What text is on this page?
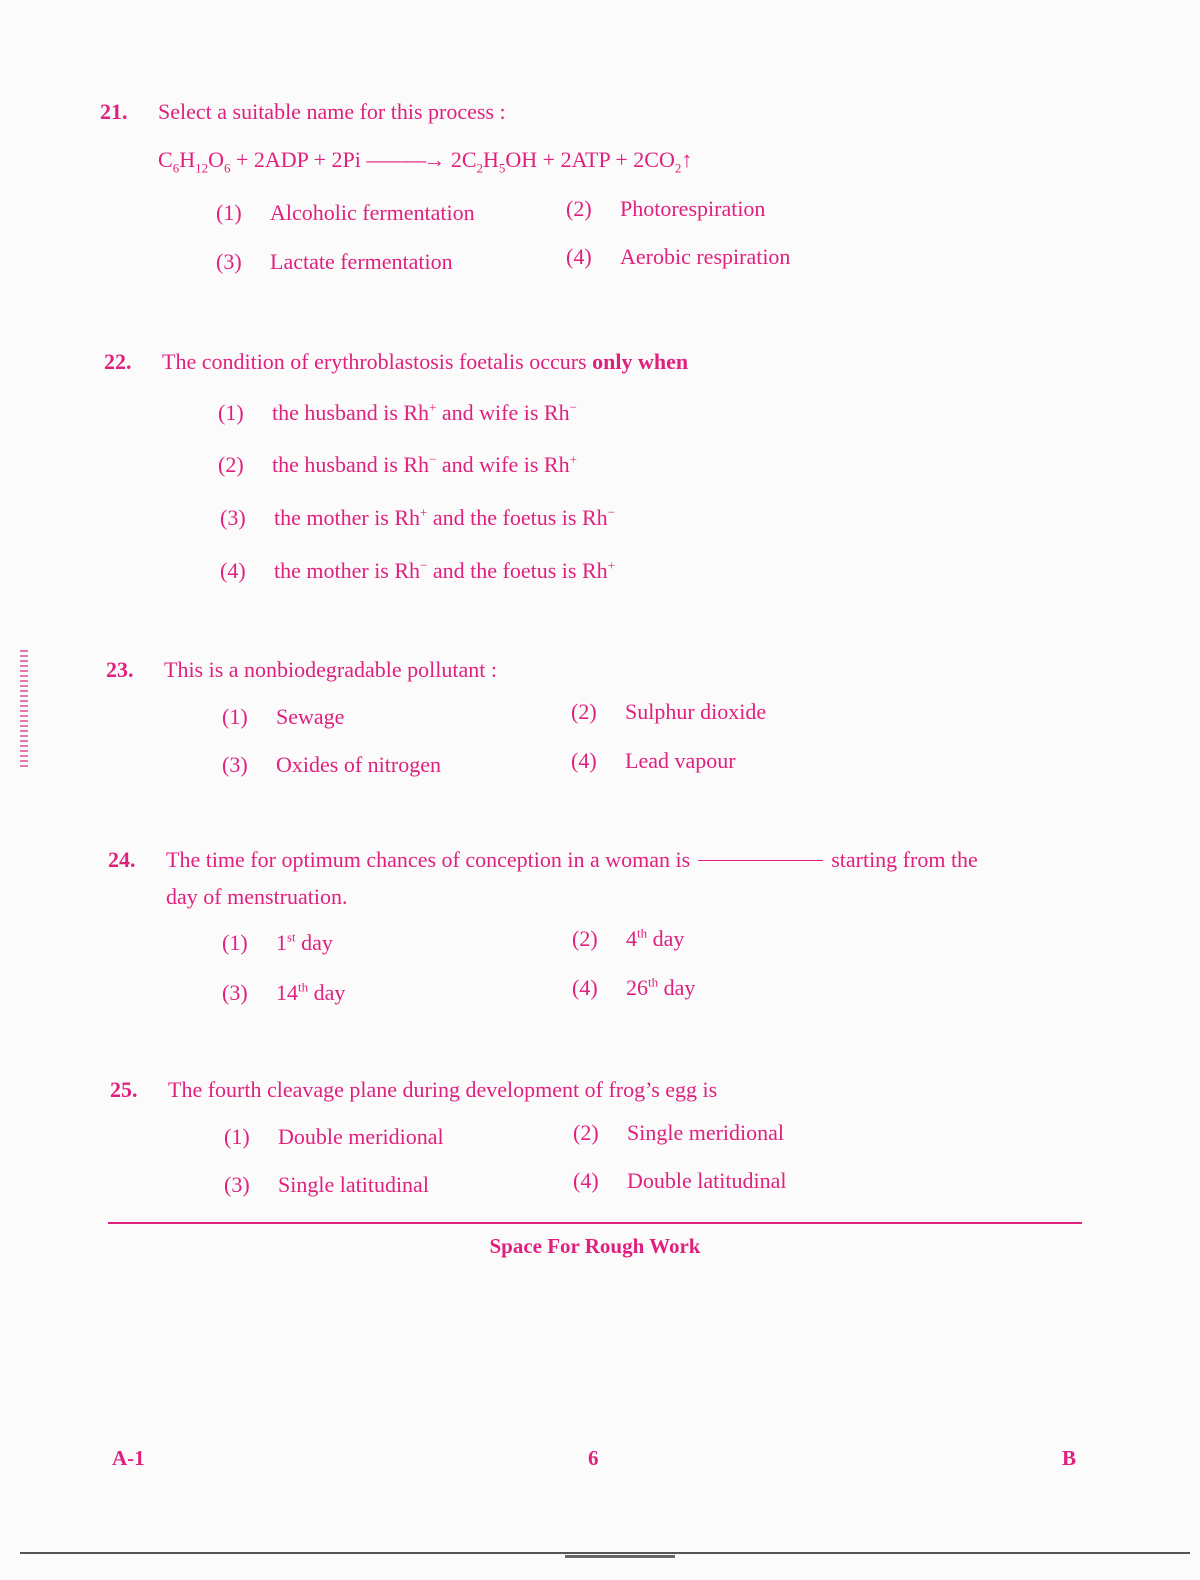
21. Select a suitable name for this process :
$C_6H_{12}O_6 + 2ADP + 2Pi$ ———→ $2C_2H_5OH + 2ATP$ + $2CO_2↑$
(1) Alcoholic fermentation	(2) Photorespiration
(3) Lactate fermentation	(4) Aerobic respiration
22. The condition of erythroblastosis foetalis occurs only when
(1) the husband is Rh+ and wife is Rh−
(2) the husband is Rh− and wife is Rh+
(3) the mother is Rh+ and the foetus is Rh−
(4) the mother is Rh− and the foetus is Rh+
23. This is a nonbiodegradable pollutant :
(1) Sewage	(2) Sulphur dioxide
(3) Oxides of nitrogen	(4) Lead vapour
24. The time for optimum chances of conception in a woman is	starting from the
day of menstruation.
(1) 1st day	(2) 4th day
(3) 14th day	(4) 26th day
25. The fourth cleavage plane during development of frog’s egg is
(1) Double meridional	(2) Single meridional
(3) Single latitudinal	(4) Double latitudinal
Space For Rough Work
A-1	6	B
